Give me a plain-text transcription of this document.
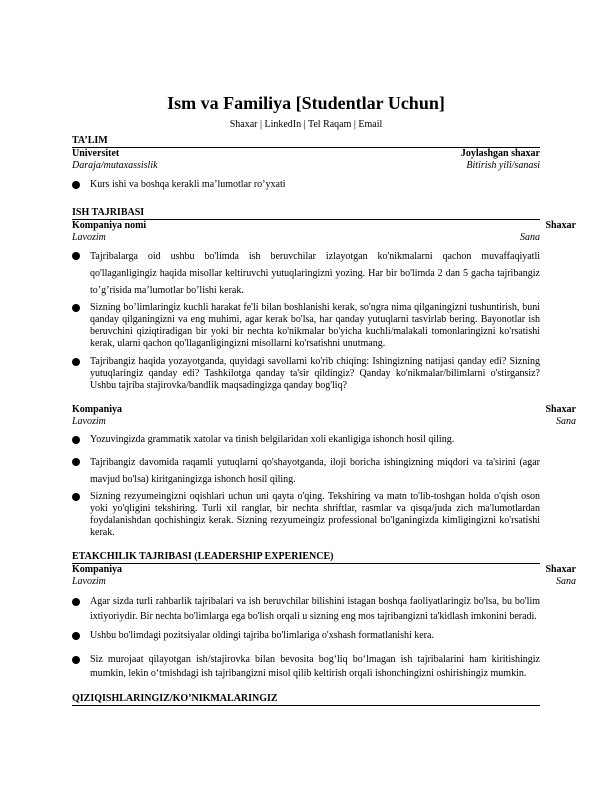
Ism va Familiya [Studentlar Uchun]
Shaxar | LinkedIn | Tel Raqam | Email
TA’LIM
Universitet	Joylashgan shaxar
Daraja/mutaxassislik	Bitirish yili/sanasi
Kurs ishi va boshqa kerakli ma’lumotlar ro’yxati
ISH TAJRIBASI
Kompaniya nomi	Shaxar
Lavozim	Sana
Tajribalarga oid ushbu bo'limda ish beruvchilar izlayotgan ko'nikmalarni qachon muvaffaqiyatli qo'llaganligingiz haqida misollar keltiruvchi yutuqlaringizni yozing. Har bir bo'limda 2 dan 5 gacha tajribangiz to’g’risida ma’lumotlar bo’lishi kerak.
Sizning bo’limlaringiz kuchli harakat fe'li bilan boshlanishi kerak, so'ngra nima qilganingizni tushuntirish, buni qanday qilganingizni va eng muhimi, agar kerak bo'lsa, har qanday yutuqlarni tasvirlab bering. Bayonotlar ish beruvchini qiziqtiradigan bir yoki bir nechta ko'nikmalar bo'yicha kuchli/malakali tomonlaringizni ko'rsatishi kerak, ularni qachon qo'llaganligingizni misollarni ko'rsatishni unutmang.
Tajribangiz haqida yozayotganda, quyidagi savollarni ko'rib chiqing: Ishingizning natijasi qanday edi? Sizning yutuqlaringiz qanday edi? Tashkilotga qanday ta'sir qildingiz? Qanday ko'nikmalar/bilimlarni o'stirgansiz? Ushbu tajriba stajirovka/bandlik maqsadingizga qanday bog'liq?
Kompaniya	Shaxar
Lavozim	Sana
Yozuvingizda grammatik xatolar va tinish belgilaridan xoli ekanligiga ishonch hosil qiling.
Tajribangiz davomida raqamli yutuqlarni qo'shayotganda, iloji boricha ishingizning miqdori va ta'sirini (agar mavjud bo'lsa) kiritganingizga ishonch hosil qiling.
Sizning rezyumeingizni oqishlari uchun uni qayta o'qing. Tekshiring va matn to'lib-toshgan holda o'qish oson yoki yo'qligini tekshiring. Turli xil ranglar, bir nechta shriftlar, rasmlar va qisqa/juda zich ma'lumotlardan foydalanishdan qochishingiz kerak. Sizning rezyumeingiz professional bo'lganingizda kimligingizni ko'rsatishi kerak.
ETAKCHILIK TAJRIBASI (LEADERSHIP EXPERIENCE)
Kompaniya	Shaxar
Lavozim	Sana
Agar sizda turli rahbarlik tajribalari va ish beruvchilar bilishini istagan boshqa faoliyatlaringiz bo'lsa, bu bo'lim ixtiyoriydir. Bir nechta bo'limlarga ega bo'lish orqali u sizning eng mos tajribangizni ta'kidlash imkonini beradi.
Ushbu bo'limdagi pozitsiyalar oldingi tajriba bo'limlariga o'xshash formatlanishi kera.
Siz murojaat qilayotgan ish/stajirovka bilan bevosita bog‘liq bo‘lmagan ish tajribalarini ham kiritishingiz mumkin, lekin o‘tmishdagi ish tajribangizni misol qilib keltirish orqali ishonchingizni oshirishingiz mumkin.
QIZIQISHLARINGIZ/KO’NIKMALARINGIZ
